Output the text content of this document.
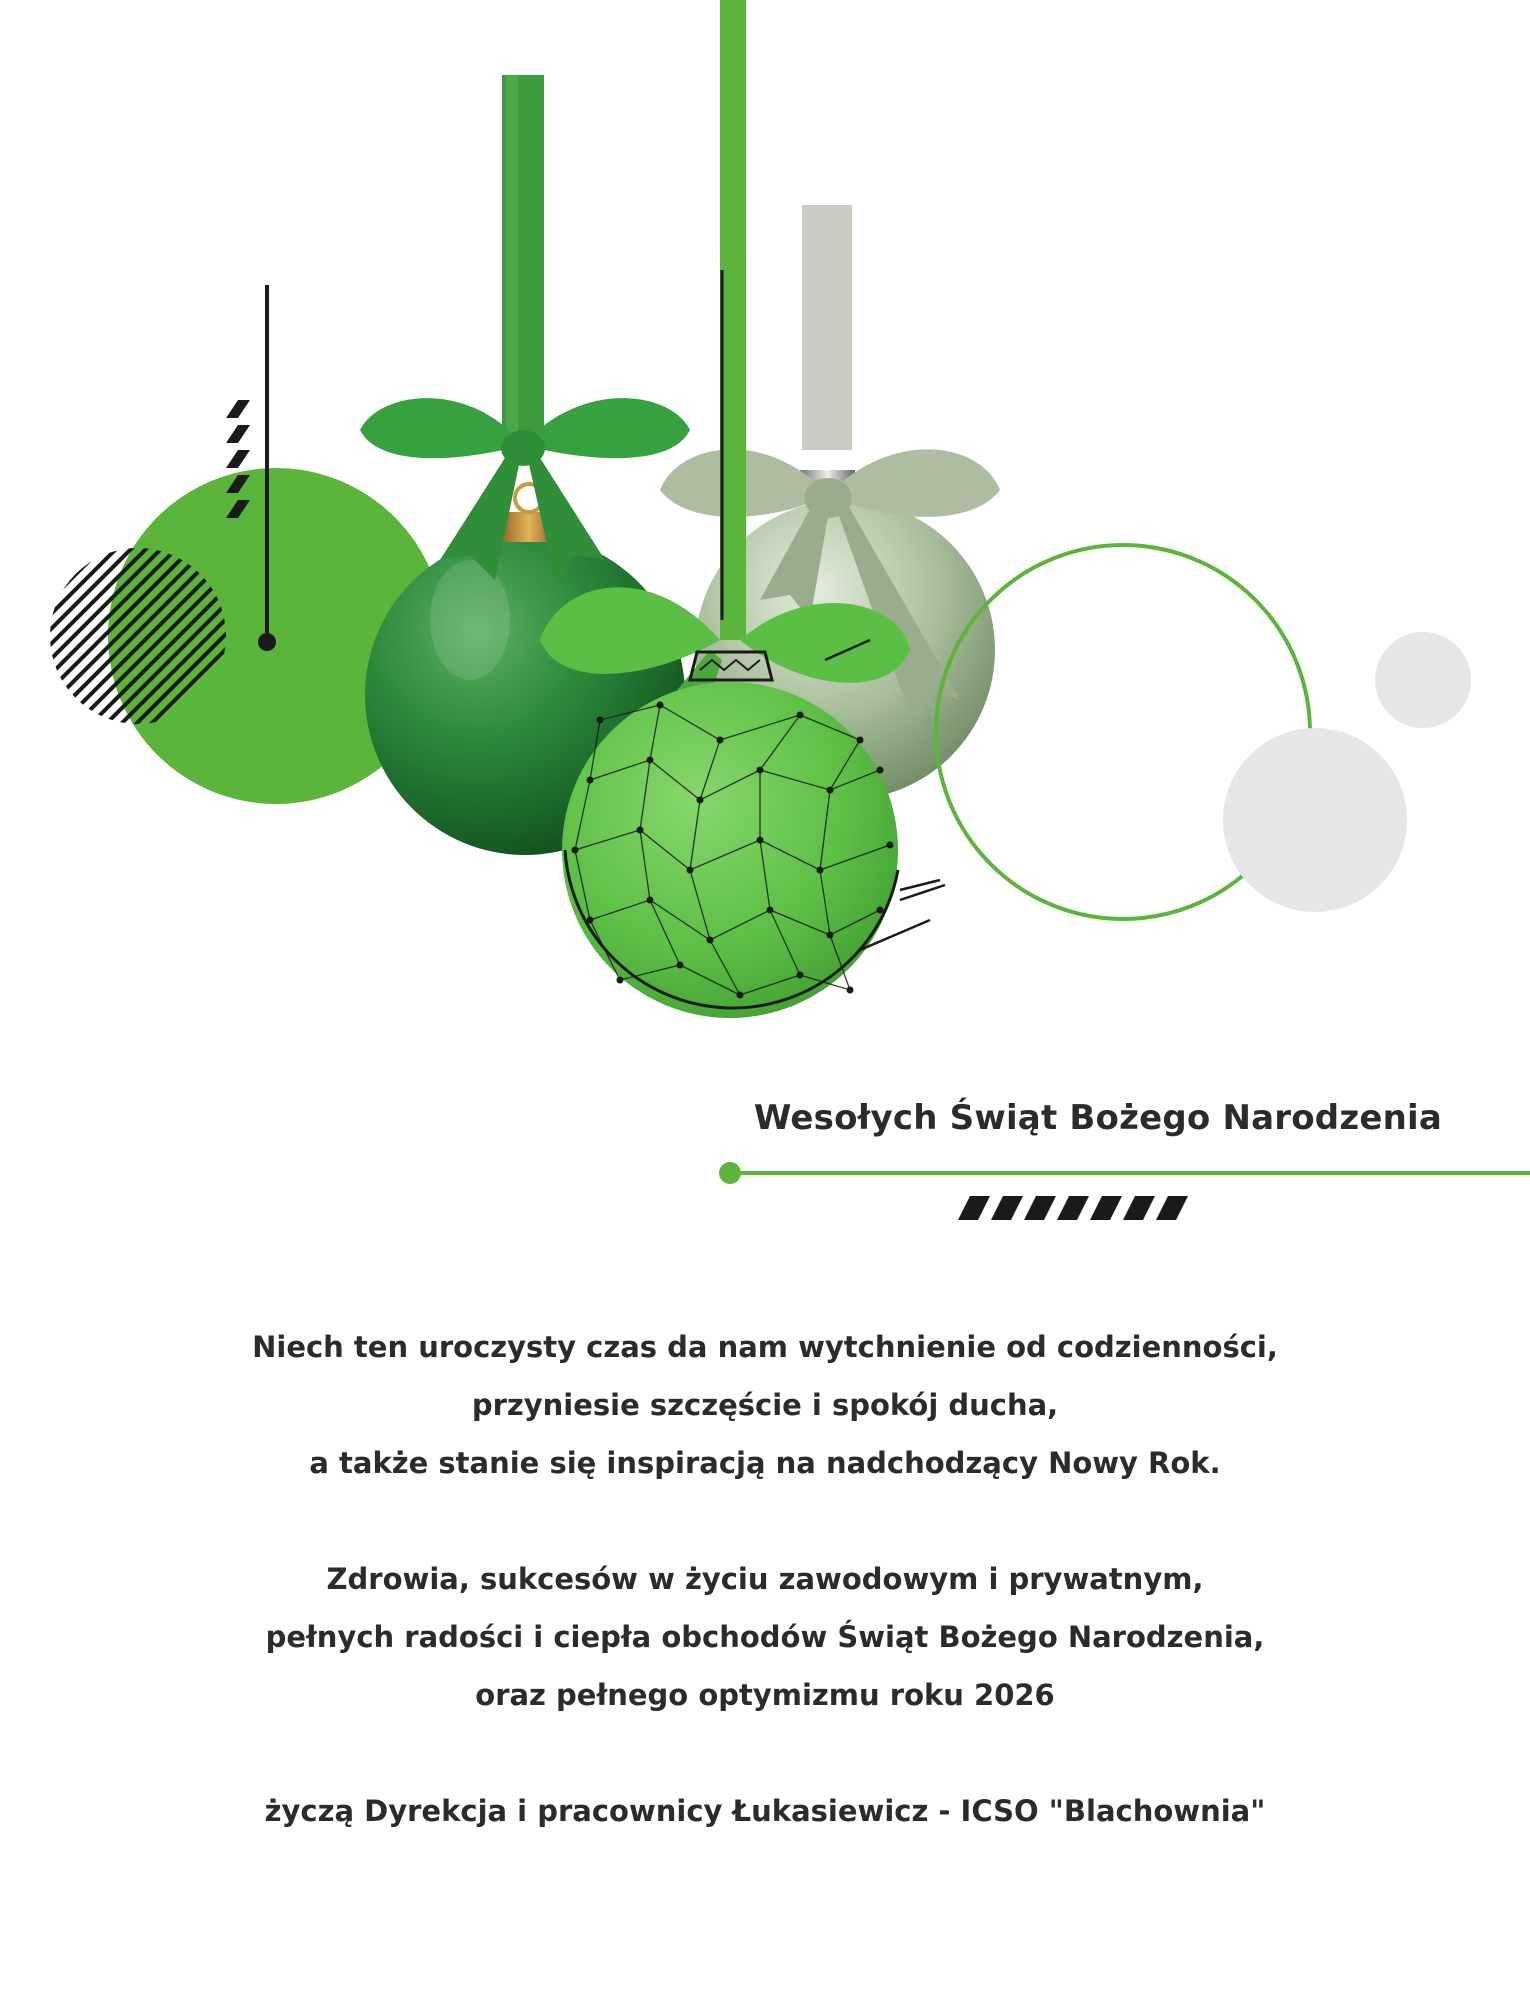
Wesołych Świąt Bożego Narodzenia

Niech ten uroczysty czas da nam wytchnienie od codzienności,

przyniesie szczęście i spokój ducha,

a także stanie się inspiracją na nadchodzący Nowy Rok.

Zdrowia, sukcesów w życiu zawodowym i prywatnym,

pełnych radości i ciepła obchodów Świąt Bożego Narodzenia,

oraz pełnego optymizmu roku 2026

życzą Dyrekcja i pracownicy Łukasiewicz - ICSO "Blachownia"
